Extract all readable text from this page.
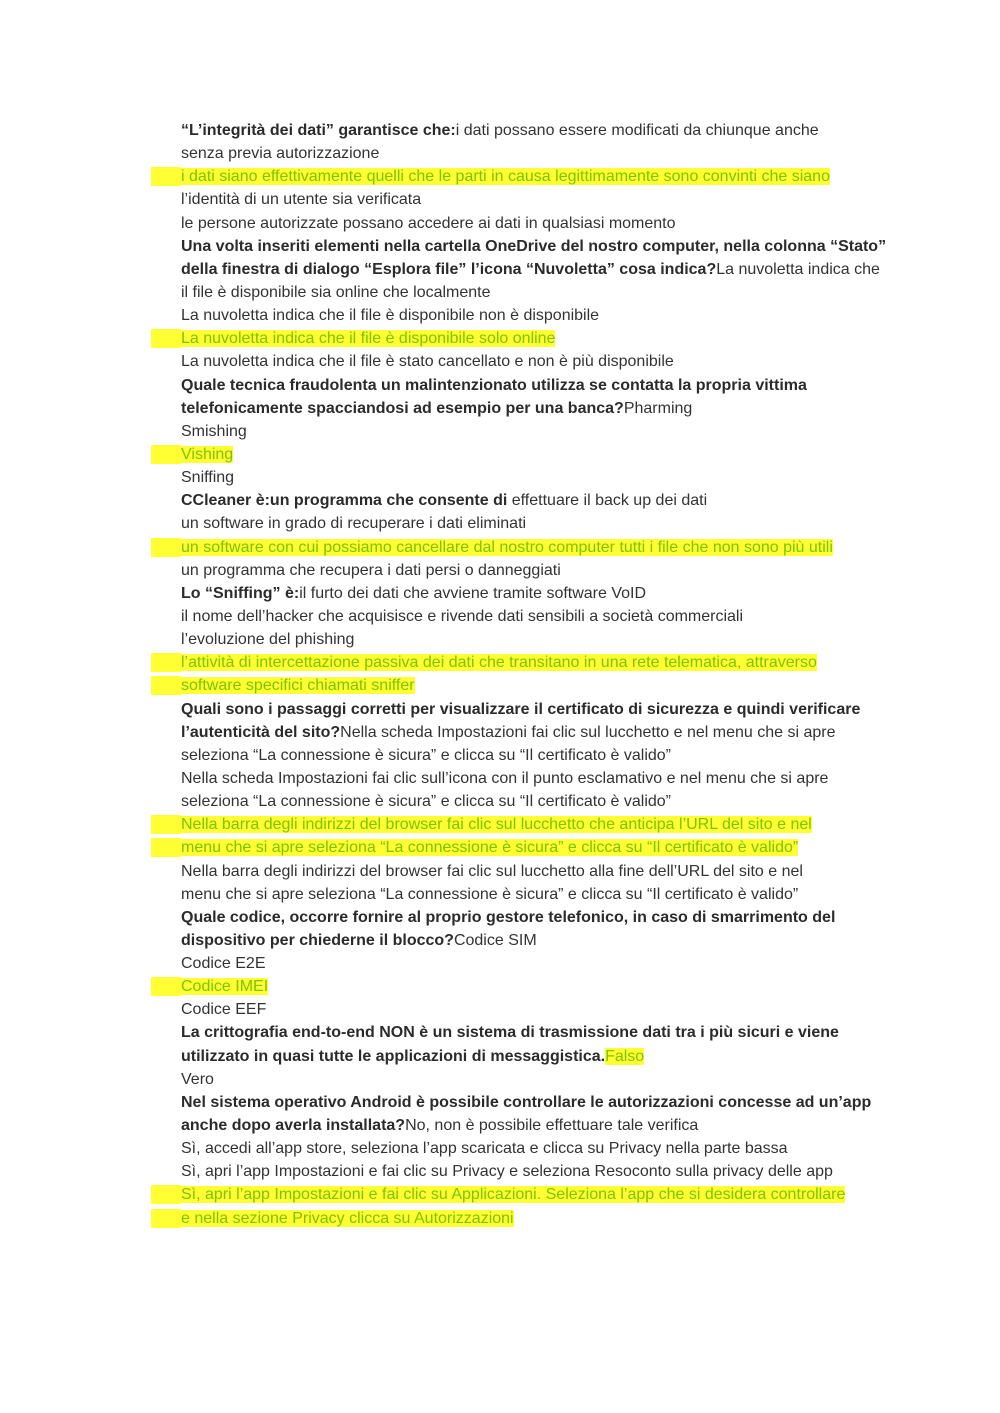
“L’integrità dei dati” garantisce che:i dati possano essere modificati da chiunque anche
senza previa autorizzazione
i dati siano effettivamente quelli che le parti in causa legittimamente sono convinti che siano
l’identità di un utente sia verificata
le persone autorizzate possano accedere ai dati in qualsiasi momento
Una volta inseriti elementi nella cartella OneDrive del nostro computer, nella colonna “Stato”
della finestra di dialogo “Esplora file” l’icona “Nuvoletta” cosa indica?La nuvoletta indica che
il file è disponibile sia online che localmente
La nuvoletta indica che il file è disponibile non è disponibile
La nuvoletta indica che il file è disponibile solo online
La nuvoletta indica che il file è stato cancellato e non è più disponibile
Quale tecnica fraudolenta un malintenzionato utilizza se contatta la propria vittima
telefonicamente spacciandosi ad esempio per una banca?Pharming
Smishing
Vishing
Sniffing
CCleaner è:un programma che consente di effettuare il back up dei dati
un software in grado di recuperare i dati eliminati
un software con cui possiamo cancellare dal nostro computer tutti i file che non sono più utili
un programma che recupera i dati persi o danneggiati
Lo “Sniffing” è:il furto dei dati che avviene tramite software VoID
il nome dell’hacker che acquisisce e rivende dati sensibili a società commerciali
l’evoluzione del phishing
l’attività di intercettazione passiva dei dati che transitano in una rete telematica, attraverso
software specifici chiamati sniffer
Quali sono i passaggi corretti per visualizzare il certificato di sicurezza e quindi verificare
l’autenticità del sito?Nella scheda Impostazioni fai clic sul lucchetto e nel menu che si apre
seleziona “La connessione è sicura” e clicca su “Il certificato è valido”
Nella scheda Impostazioni fai clic sull’icona con il punto esclamativo e nel menu che si apre
seleziona “La connessione è sicura” e clicca su “Il certificato è valido”
Nella barra degli indirizzi del browser fai clic sul lucchetto che anticipa l’URL del sito e nel
menu che si apre seleziona “La connessione è sicura” e clicca su “Il certificato è valido”
Nella barra degli indirizzi del browser fai clic sul lucchetto alla fine dell’URL del sito e nel
menu che si apre seleziona “La connessione è sicura” e clicca su “Il certificato è valido”
Quale codice, occorre fornire al proprio gestore telefonico, in caso di smarrimento del
dispositivo per chiederne il blocco?Codice SIM
Codice E2E
Codice IMEI
Codice EEF
La crittografia end-to-end NON è un sistema di trasmissione dati tra i più sicuri e viene
utilizzato in quasi tutte le applicazioni di messaggistica.Falso
Vero
Nel sistema operativo Android è possibile controllare le autorizzazioni concesse ad un’app
anche dopo averla installata?No, non è possibile effettuare tale verifica
Sì, accedi all’app store, seleziona l’app scaricata e clicca su Privacy nella parte bassa
Sì, apri l’app Impostazioni e fai clic su Privacy e seleziona Resoconto sulla privacy delle app
Sì, apri l’app Impostazioni e fai clic su Applicazioni. Seleziona l’app che si desidera controllare
e nella sezione Privacy clicca su Autorizzazioni
